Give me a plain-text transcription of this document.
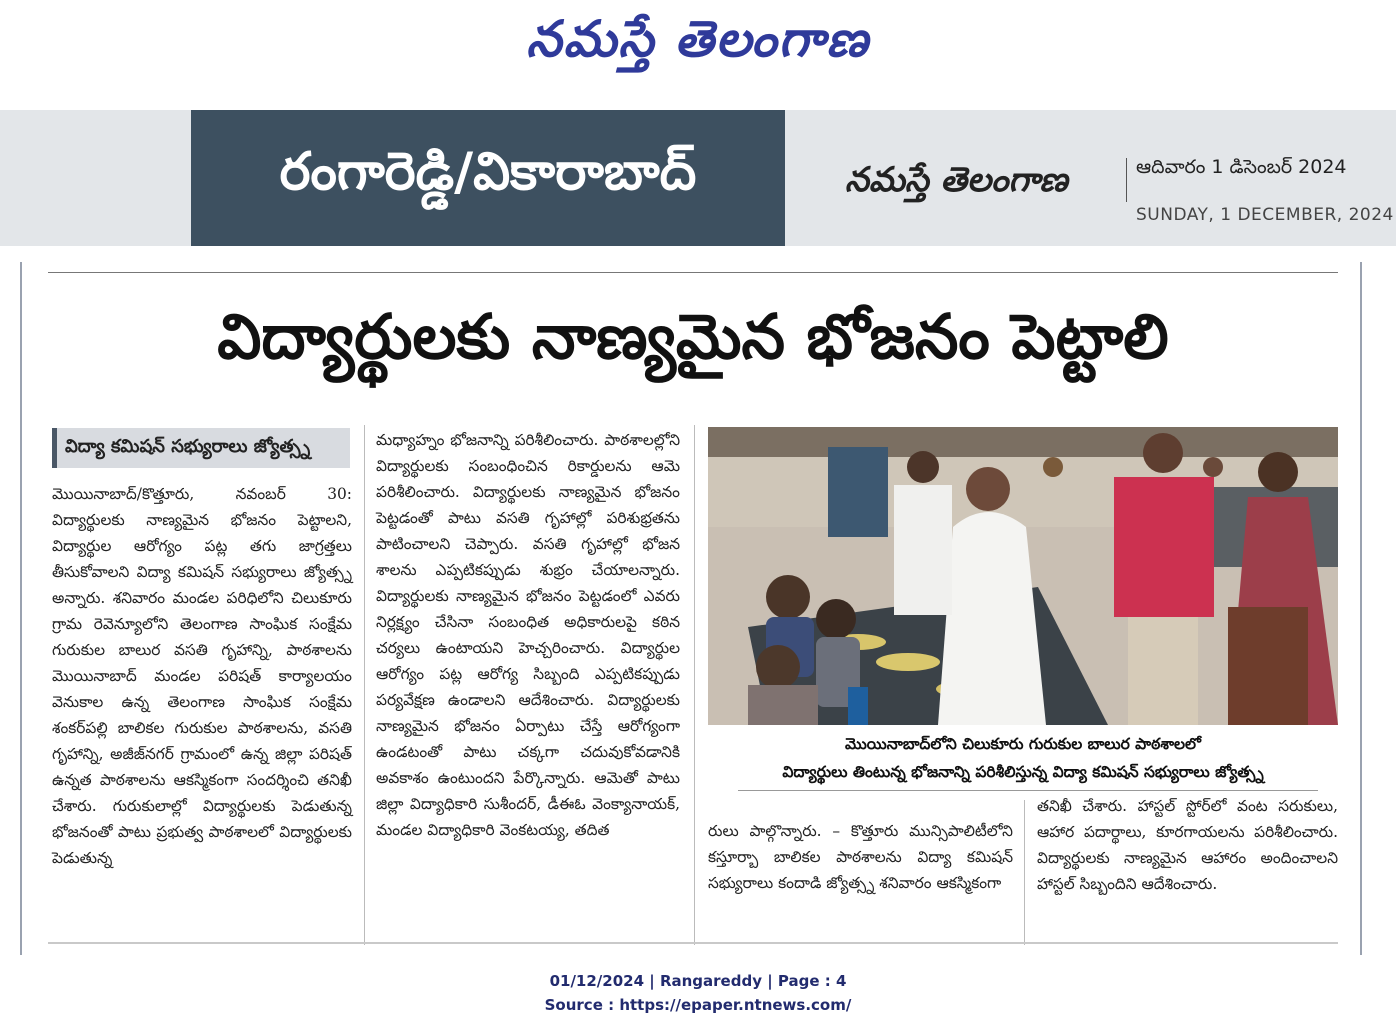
నమస్తే తెలంగాణ
రంగారెడ్డి/వికారాబాద్	నమస్తే తెలంగాణ	ఆదివారం 1 డిసెంబర్ 2024
SUNDAY, 1 DECEMBER, 2024
విద్యార్థులకు నాణ్యమైన భోజనం పెట్టాలి
విద్యా కమిషన్ సభ్యురాలు జ్యోత్స్న
మొయినాబాద్/కొత్తూరు, నవంబర్ 30: విద్యార్థులకు నాణ్యమైన భోజనం పెట్టాలని, విద్యార్థుల ఆరోగ్యం పట్ల తగు జాగ్రత్తలు తీసుకోవాలని విద్యా కమిషన్ సభ్యురాలు జ్యోత్స్న అన్నారు. శనివారం మండల పరిధిలోని చిలుకూరు గ్రామ రెవెన్యూలోని తెలంగాణ సాంఘిక సంక్షేమ గురుకుల బాలుర వసతి గృహాన్ని, పాఠశాలను మొయినాబాద్ మండల పరిషత్ కార్యాలయం వెనుకాల ఉన్న తెలంగాణ సాంఘిక సంక్షేమ శంకర్‌పల్లి బాలికల గురుకుల పాఠశాలను, వసతి గృహాన్ని, అజీజ్‌నగర్ గ్రామంలో ఉన్న జిల్లా పరిషత్ ఉన్నత పాఠశాలను ఆకస్మికంగా సందర్శించి తనిఖీ చేశారు. గురుకులాల్లో విద్యార్థులకు పెడుతున్న భోజనంతో పాటు ప్రభుత్వ పాఠశాలలో విద్యార్థులకు పెడుతున్న
మధ్యాహ్నం భోజనాన్ని పరిశీలించారు. పాఠశాలల్లోని విద్యార్థులకు సంబంధించిన రికార్డులను ఆమె పరిశీలించారు. విద్యార్థులకు నాణ్యమైన భోజనం పెట్టడంతో పాటు వసతి గృహాల్లో పరిశుభ్రతను పాటించాలని చెప్పారు. వసతి గృహాల్లో భోజన శాలను ఎప్పటికప్పుడు శుభ్రం చేయాలన్నారు. విద్యార్థులకు నాణ్యమైన భోజనం పెట్టడంలో ఎవరు నిర్లక్ష్యం చేసినా సంబంధిత అధికారులపై కఠిన చర్యలు ఉంటాయని హెచ్చరించారు. విద్యార్థుల ఆరోగ్యం పట్ల ఆరోగ్య సిబ్బంది ఎప్పటికప్పుడు పర్యవేక్షణ ఉండాలని ఆదేశించారు. విద్యార్థులకు నాణ్యమైన భోజనం ఏర్పాటు చేస్తే ఆరోగ్యంగా ఉండటంతో పాటు చక్కగా చదువుకోవడానికి అవకాశం ఉంటుందని పేర్కొన్నారు. ఆమెతో పాటు జిల్లా విద్యాధికారి సుశీందర్, డీఈఓ వెంక్యానాయక్, మండల విద్యాధికారి వెంకటయ్య, తదిత
మొయినాబాద్‌లోని చిలుకూరు గురుకుల బాలుర పాఠశాలలో
విద్యార్థులు తింటున్న భోజనాన్ని పరిశీలిస్తున్న విద్యా కమిషన్ సభ్యురాలు జ్యోత్స్న
రులు పాల్గొన్నారు. – కొత్తూరు మున్సిపాలిటీలోని కస్తూర్బా బాలికల పాఠశాలను విద్యా కమిషన్ సభ్యురాలు కందాడి జ్యోత్స్న శనివారం ఆకస్మికంగా
తనిఖీ చేశారు. హాస్టల్ స్టోర్‌లో వంట సరుకులు, ఆహార పదార్థాలు, కూరగాయలను పరిశీలించారు. విద్యార్థులకు నాణ్యమైన ఆహారం అందించాలని హాస్టల్ సిబ్బందిని ఆదేశించారు.
01/12/2024 | Rangareddy | Page : 4
Source : https://epaper.ntnews.com/
